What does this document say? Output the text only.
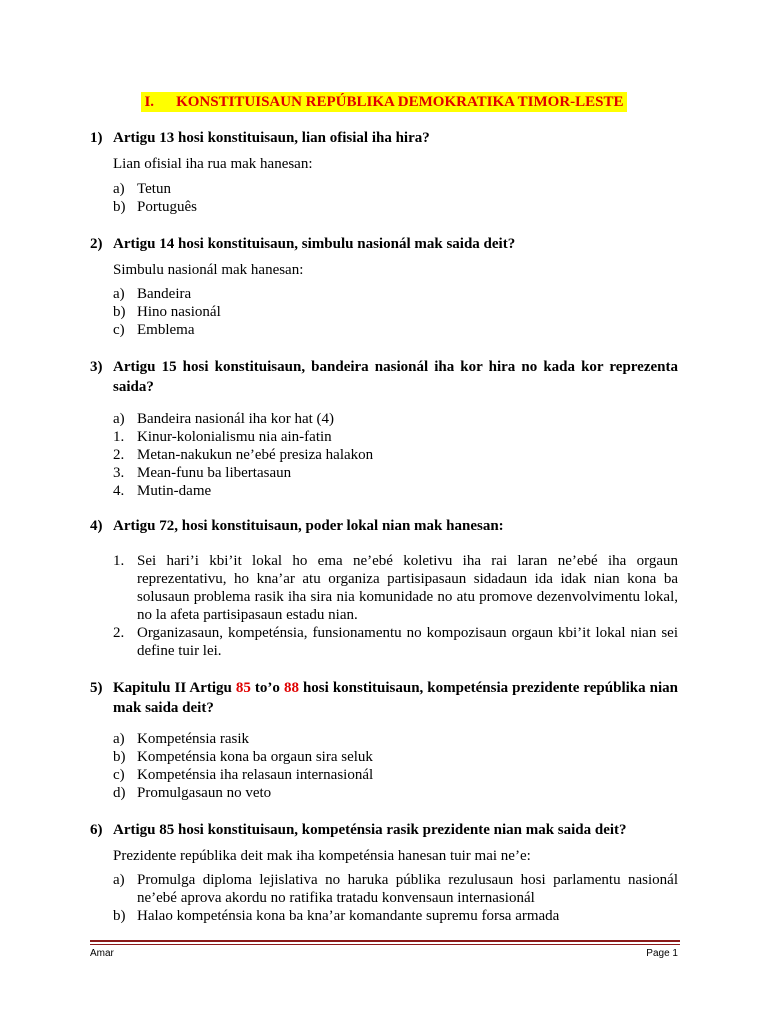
I. KONSTITUISAUN REPÚBLIKA DEMOKRATIKA TIMOR-LESTE
1) Artigu 13 hosi konstituisaun, lian ofisial iha hira?
Lian ofisial iha rua mak hanesan:
a) Tetun
b) Português
2) Artigu 14 hosi konstituisaun, simbulu nasionál mak saida deit?
Simbulu nasionál mak hanesan:
a) Bandeira
b) Hino nasionál
c) Emblema
3) Artigu 15 hosi konstituisaun, bandeira nasionál iha kor hira no kada kor reprezenta saida?
a) Bandeira nasionál iha kor hat (4)
1. Kinur-kolonialismu nia ain-fatin
2. Metan-nakukun ne’ebé presiza halakon
3. Mean-funu ba libertasaun
4. Mutin-dame
4) Artigu 72, hosi konstituisaun, poder lokal nian mak hanesan:
1. Sei hari’i kbi’it lokal ho ema ne’ebé koletivu iha rai laran ne’ebé iha orgaun reprezentativu, ho kna’ar atu organiza partisipasaun sidadaun ida idak nian kona ba solusaun problema rasik iha sira nia komunidade no atu promove dezenvolvimentu lokal, no la afeta partisipasaun estadu nian.
2. Organizasaun, kompeténsia, funsionamentu no kompozisaun orgaun kbi’it lokal nian sei define tuir lei.
5) Kapitulu II Artigu 85 to’o 88 hosi konstituisaun, kompeténsia prezidente repúblika nian mak saida deit?
a) Kompeténsia rasik
b) Kompeténsia kona ba orgaun sira seluk
c) Kompeténsia iha relasaun internasionál
d) Promulgasaun no veto
6) Artigu 85 hosi konstituisaun, kompeténsia rasik prezidente nian mak saida deit?
Prezidente repúblika deit mak iha kompeténsia hanesan tuir mai ne’e:
a) Promulga diploma lejislativa no haruka públika rezulusaun hosi parlamentu nasionál ne’ebé aprova akordu no ratifika tratadu konvensaun internasionál
b) Halao kompeténsia kona ba kna’ar komandante supremu forsa armada
Amar	Page 1
